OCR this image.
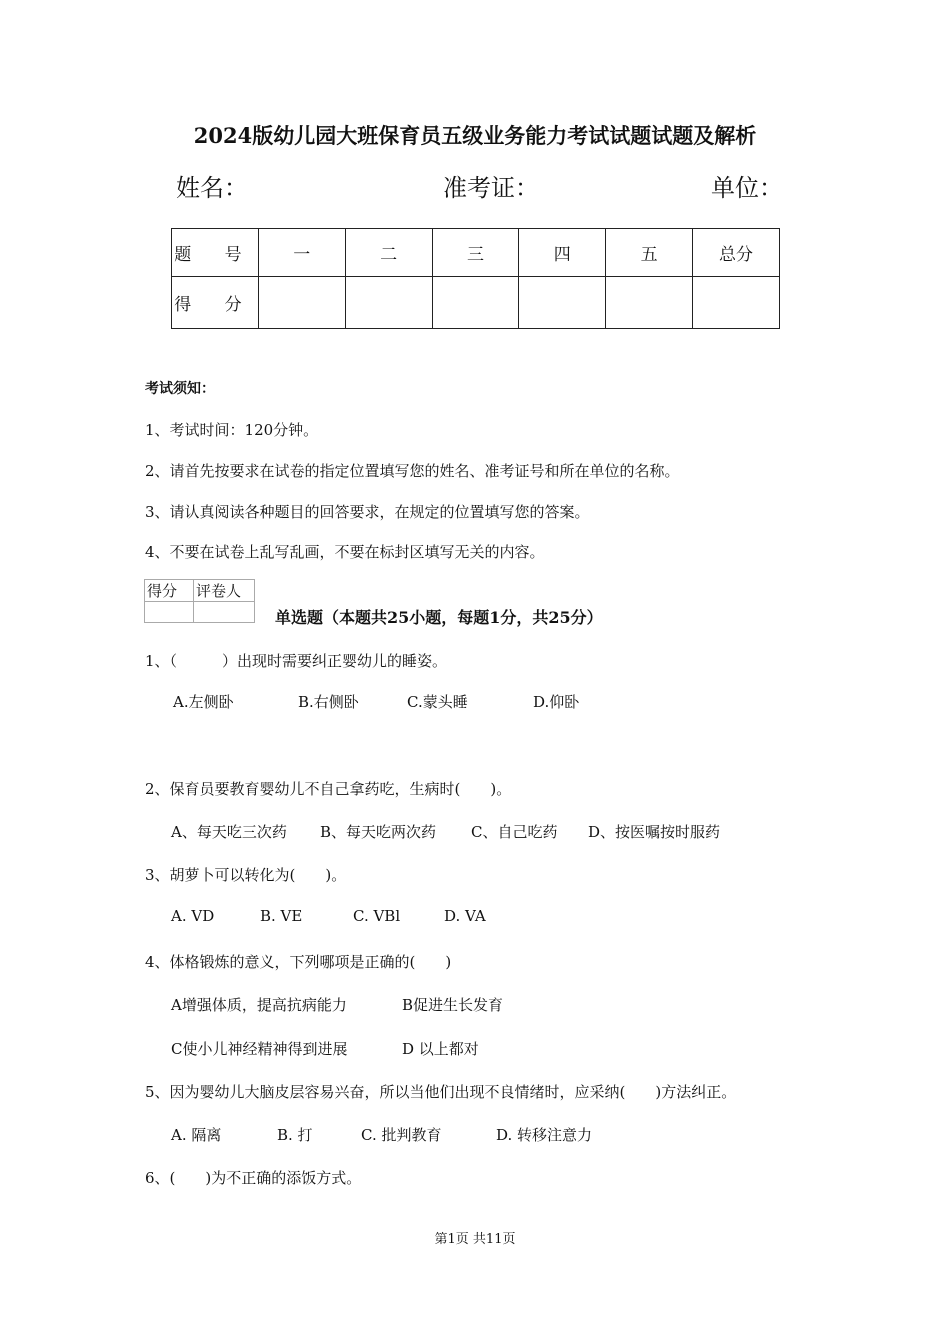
2024版幼儿园大班保育员五级业务能力考试试题试题及解析
姓名：	准考证：	单位：
题 号	一	二	三	四	五	总分
得 分						
考试须知：
1、考试时间：120分钟。
2、请首先按要求在试卷的指定位置填写您的姓名、准考证号和所在单位的名称。
3、请认真阅读各种题目的回答要求，在规定的位置填写您的答案。
4、不要在试卷上乱写乱画，不要在标封区填写无关的内容。
得分	评卷人

单选题（本题共25小题，每题1分，共25分）
1、（　　　）出现时需要纠正婴幼儿的睡姿。
A.左侧卧	B.右侧卧	C.蒙头睡	D.仰卧
2、保育员要教育婴幼儿不自己拿药吃，生病时(　　)。
A、每天吃三次药 B、每天吃两次药 C、自己吃药 D、按医嘱按时服药
3、胡萝卜可以转化为(　　)。
A. VD	B. VE	C. VBl	D. VA
4、体格锻炼的意义，下列哪项是正确的(　　)
A增强体质，提高抗病能力	B促进生长发育
C使小儿神经精神得到进展	D 以上都对
5、因为婴幼儿大脑皮层容易兴奋，所以当他们出现不良情绪时，应采纳(　　)方法纠正。
A. 隔离	B. 打	C. 批判教育	D. 转移注意力
6、(　　)为不正确的添饭方式。
第1页 共11页
